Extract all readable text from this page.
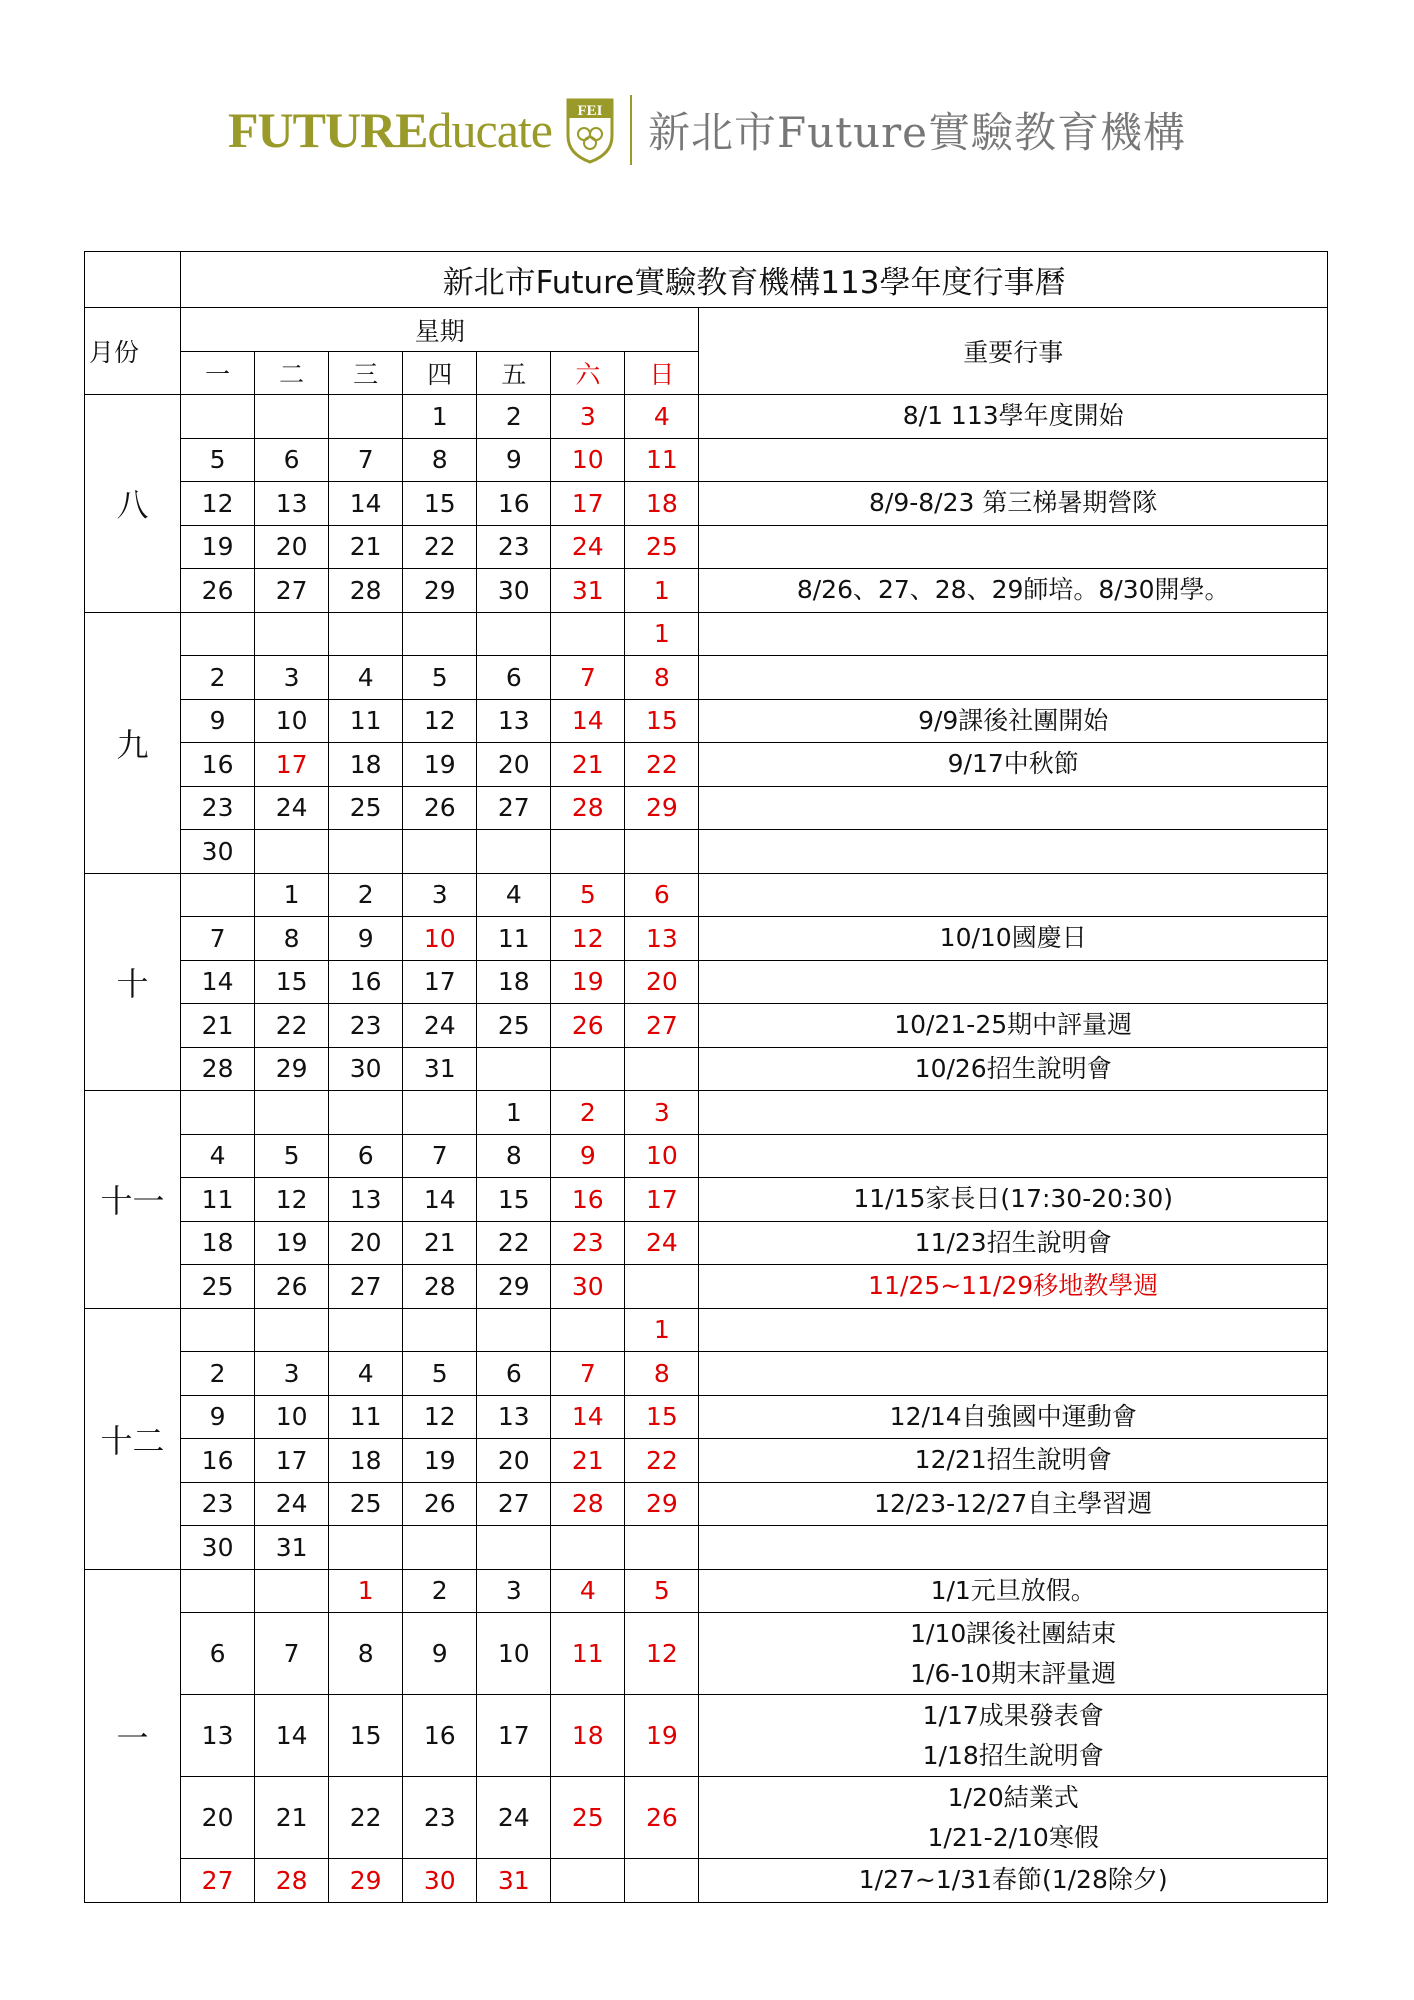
FUTUREducate FEI 新北市Future實驗教育機構
	新北市Future實驗教育機構113學年度行事曆							
月份	星期							重要行事
	一	二	三	四	五	六	日	
八				1	2	3	4	8/1 113學年度開始

	5	6	7	8	9	10	11	
	12	13	14	15	16	17	18	8/9-8/23 第三梯暑期營隊

	19	20	21	22	23	24	25	
	26	27	28	29	30	31	1	8/26、27、28、29師培。8/30開學。

九							1	
	2	3	4	5	6	7	8	
	9	10	11	12	13	14	15	9/9課後社團開始

	16	17	18	19	20	21	22	9/17中秋節

	23	24	25	26	27	28	29	
	30							
十		1	2	3	4	5	6	
	7	8	9	10	11	12	13	10/10國慶日

	14	15	16	17	18	19	20	
	21	22	23	24	25	26	27	10/21-25期中評量週

	28	29	30	31				10/26招生說明會

十一					1	2	3	
	4	5	6	7	8	9	10	
	11	12	13	14	15	16	17	11/15家長日(17:30-20:30)

	18	19	20	21	22	23	24	11/23招生說明會

	25	26	27	28	29	30		11/25~11/29移地教學週

十二							1	
	2	3	4	5	6	7	8	
	9	10	11	12	13	14	15	12/14自強國中運動會

	16	17	18	19	20	21	22	12/21招生說明會

	23	24	25	26	27	28	29	12/23-12/27自主學習週

	30	31						
一			1	2	3	4	5	1/1元旦放假。

	6	7	8	9	10	11	12	1/10課後社團結束
1/6-10期末評量週

	13	14	15	16	17	18	19	1/17成果發表會
1/18招生說明會

	20	21	22	23	24	25	26	1/20結業式
1/21-2/10寒假

	27	28	29	30	31			1/27~1/31春節(1/28除夕)
